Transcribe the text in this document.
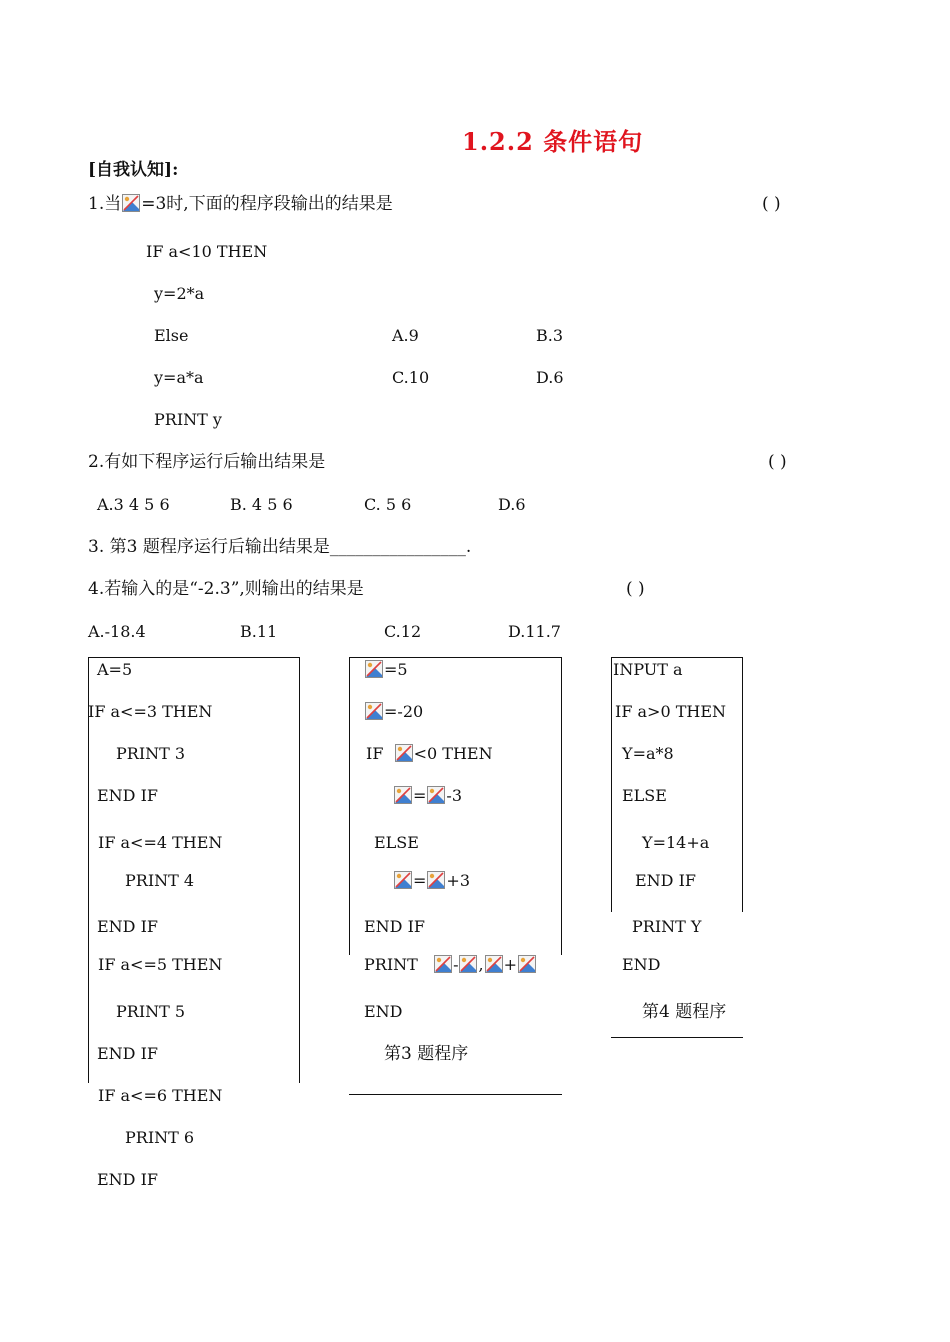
1.2.2 条件语句
[自我认知]:
1.当 =3时,下面的程序段输出的结果是	( )
IF a<10 THEN
y=2*a
Else
y=a*a
PRINT y
A.9	B.3
C.10	D.6
2.有如下程序运行后输出结果是	( )
A.3 4 5 6	B. 4 5 6	C. 5 6	D.6
3. 第3 题程序运行后输出结果是________________.
4.若输入的是“-2.3”,则输出的结果是	( )
A.-18.4	B.11	C.12	D.11.7
A=5
IF a<=3 THEN
PRINT 3
END IF
IF a<=4 THEN
PRINT 4
END IF
IF a<=5 THEN
PRINT 5
END IF
IF a<=6 THEN
PRINT 6
END IF
=5
=-20
IF <0 THEN
= -3
ELSE
= +3
END IF
PRINT - , +
END
第3 题程序
INPUT a
IF a>0 THEN
Y=a*8
ELSE
Y=14+a
END IF
PRINT Y
END
第4 题程序
